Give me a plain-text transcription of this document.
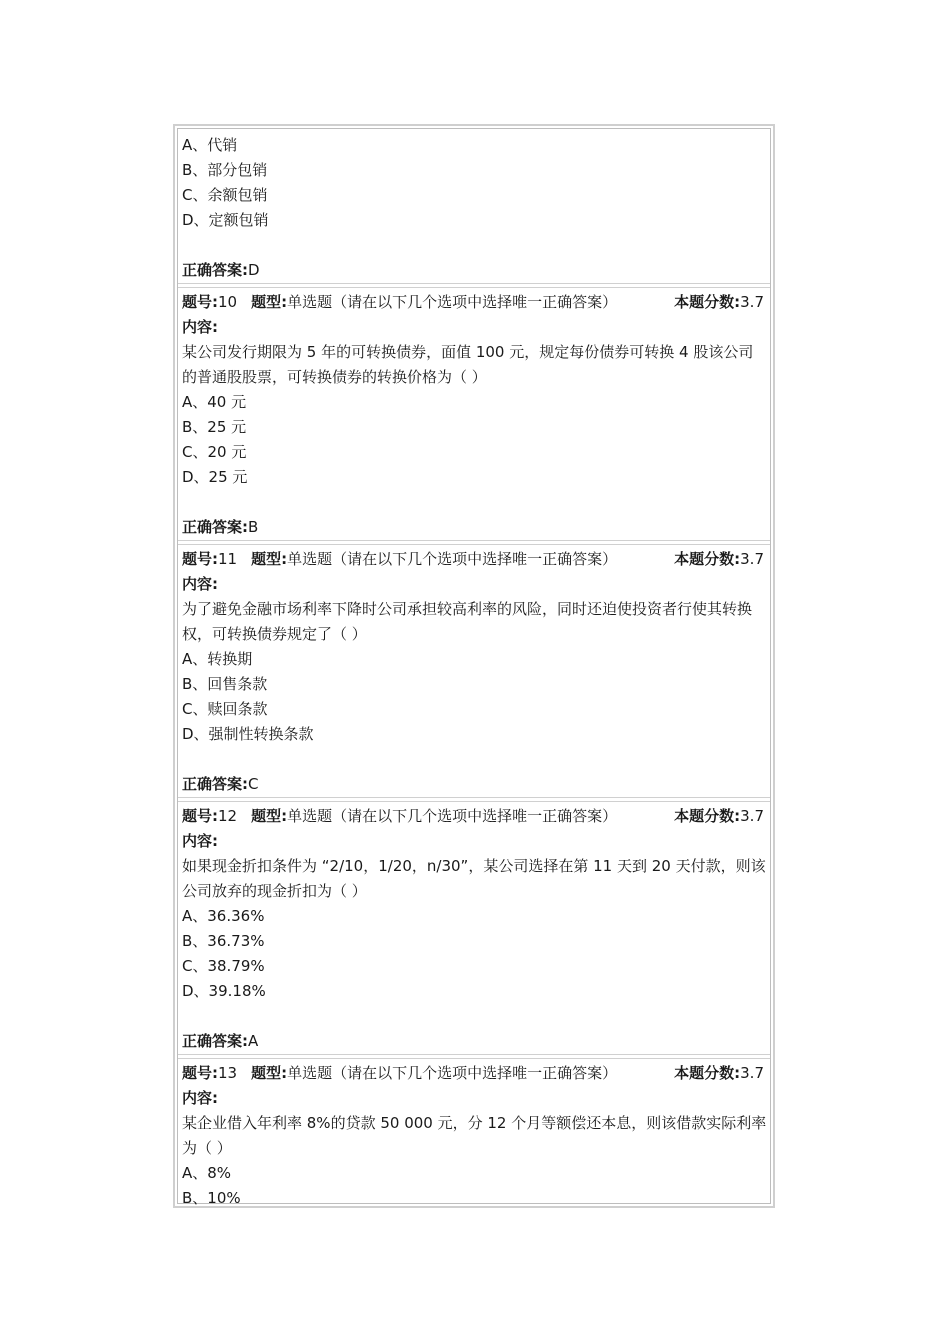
A、代销
B、部分包销
C、余额包销
D、定额包销
正确答案:D
题号:10 题型:单选题（请在以下几个选项中选择唯一正确答案）	本题分数:3.7
内容:
某公司发行期限为 5 年的可转换债券，面值 100 元，规定每份债券可转换 4 股该公司的普通股股票，可转换债券的转换价格为（ ）
A、40 元
B、25 元
C、20 元
D、25 元
正确答案:B
题号:11 题型:单选题（请在以下几个选项中选择唯一正确答案）	本题分数:3.7
内容:
为了避免金融市场利率下降时公司承担较高利率的风险，同时还迫使投资者行使其转换权，可转换债券规定了（ ）
A、转换期
B、回售条款
C、赎回条款
D、强制性转换条款
正确答案:C
题号:12 题型:单选题（请在以下几个选项中选择唯一正确答案）	本题分数:3.7
内容:
如果现金折扣条件为 “2/10，1/20，n/30”，某公司选择在第 11 天到 20 天付款，则该公司放弃的现金折扣为（ ）
A、36.36%
B、36.73%
C、38.79%
D、39.18%
正确答案:A
题号:13 题型:单选题（请在以下几个选项中选择唯一正确答案）	本题分数:3.7
内容:
某企业借入年利率 8%的贷款 50 000 元，分 12 个月等额偿还本息，则该借款实际利率为（ ）
A、8%
B、10%
